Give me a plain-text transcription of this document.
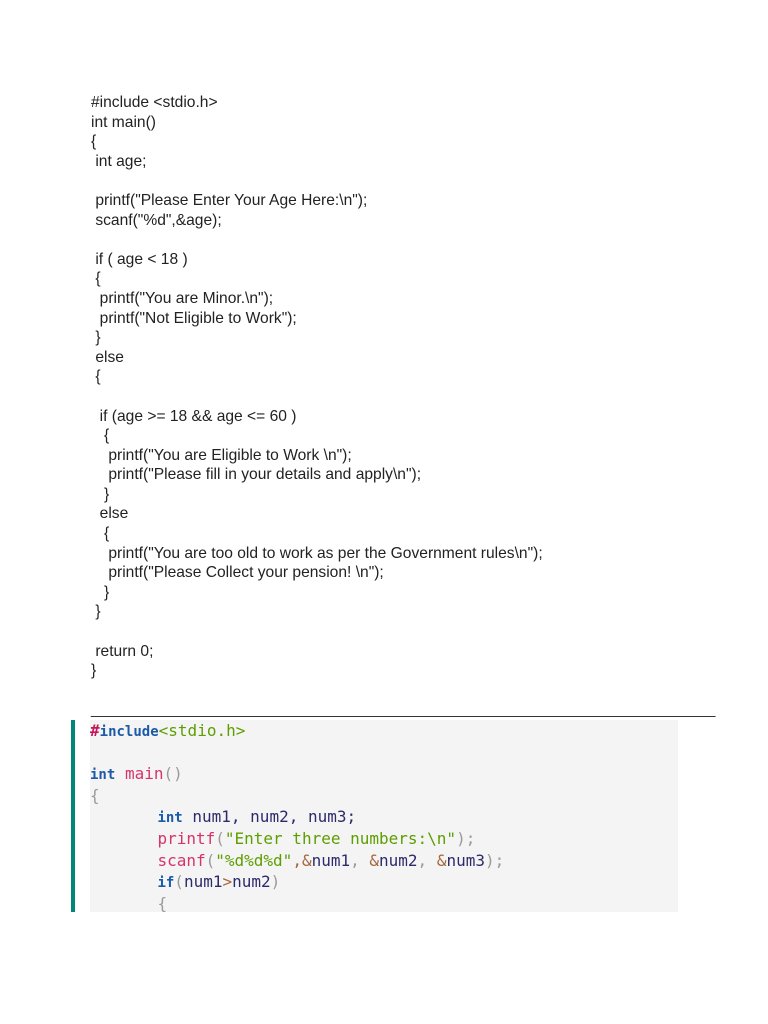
#include <stdio.h>
int main()
{
int age;
printf("Please Enter Your Age Here:\n");
scanf("%d",&age);
if ( age < 18 )
{
printf("You are Minor.\n");
printf("Not Eligible to Work");
}
else
{
if (age >= 18 && age <= 60 )
{
printf("You are Eligible to Work \n");
printf("Please fill in your details and apply\n");
}
else
{
printf("You are too old to work as per the Government rules\n");
printf("Please Collect your pension! \n");
}
}
return 0;
}
________________________________________________________________________
#include<stdio.h>

int main()
{
int num1, num2, num3;
printf("Enter three numbers:\n");
scanf("%d%d%d",&num1, &num2, &num3);
if(num1>num2)
{
